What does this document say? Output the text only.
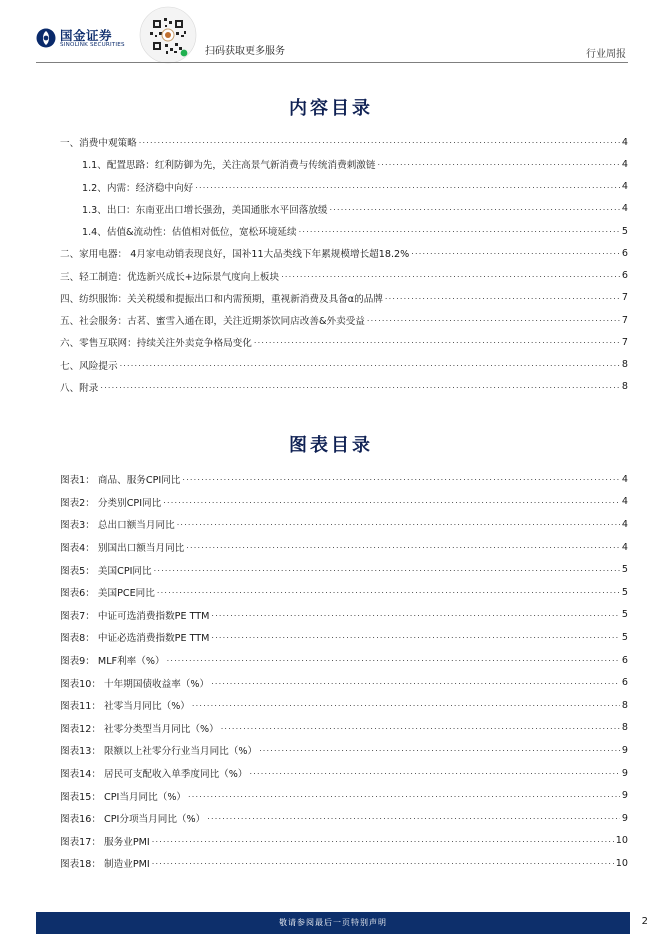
国金证券
SINOLINK SECURITIES
扫码获取更多服务	行业周报
内容目录
一、消费中观策略 .....	4
1.1、配置思路：红利防御为先，关注高景气新消费与传统消费刺激链 .....	4
1.2、内需：经济稳中向好 .....	4
1.3、出口：东南亚出口增长强劲，美国通胀水平回落放缓 .....	4
1.4、估值&流动性：估值相对低位，宽松环境延续 .....	5
二、家用电器： 4月家电动销表现良好，国补11大品类线下年累规模增长超18.2% .....	6
三、轻工制造：优选新兴成长+边际景气度向上板块 .....	6
四、纺织服饰：关关税缓和提振出口和内需预期，重视新消费及具备α的品牌 .....	7
五、社会服务：古茗、蜜雪入通在即，关注近期茶饮同店改善&外卖受益 .....	7
六、零售互联网：持续关注外卖竞争格局变化 .....	7
七、风险提示 .....	8
八、附录 .....	8
图表目录
图表1： 商品、服务CPI同比 .....	4
图表2： 分类别CPI同比 .....	4
图表3： 总出口额当月同比 .....	4
图表4： 别国出口额当月同比 .....	4
图表5： 美国CPI同比 .....	5
图表6： 美国PCE同比 .....	5
图表7： 中证可选消费指数PE TTM .....	5
图表8： 中证必选消费指数PE TTM .....	5
图表9： MLF利率（%） .....	6
图表10： 十年期国债收益率（%） .....	6
图表11： 社零当月同比（%） .....	8
图表12： 社零分类型当月同比（%） .....	8
图表13： 限额以上社零分行业当月同比（%） .....	9
图表14： 居民可支配收入单季度同比（%） .....	9
图表15： CPI当月同比（%） .....	9
图表16： CPI分项当月同比（%） .....	9
图表17： 服务业PMI .....	10
图表18： 制造业PMI .....	10
敬请参阅最后一页特别声明	2
